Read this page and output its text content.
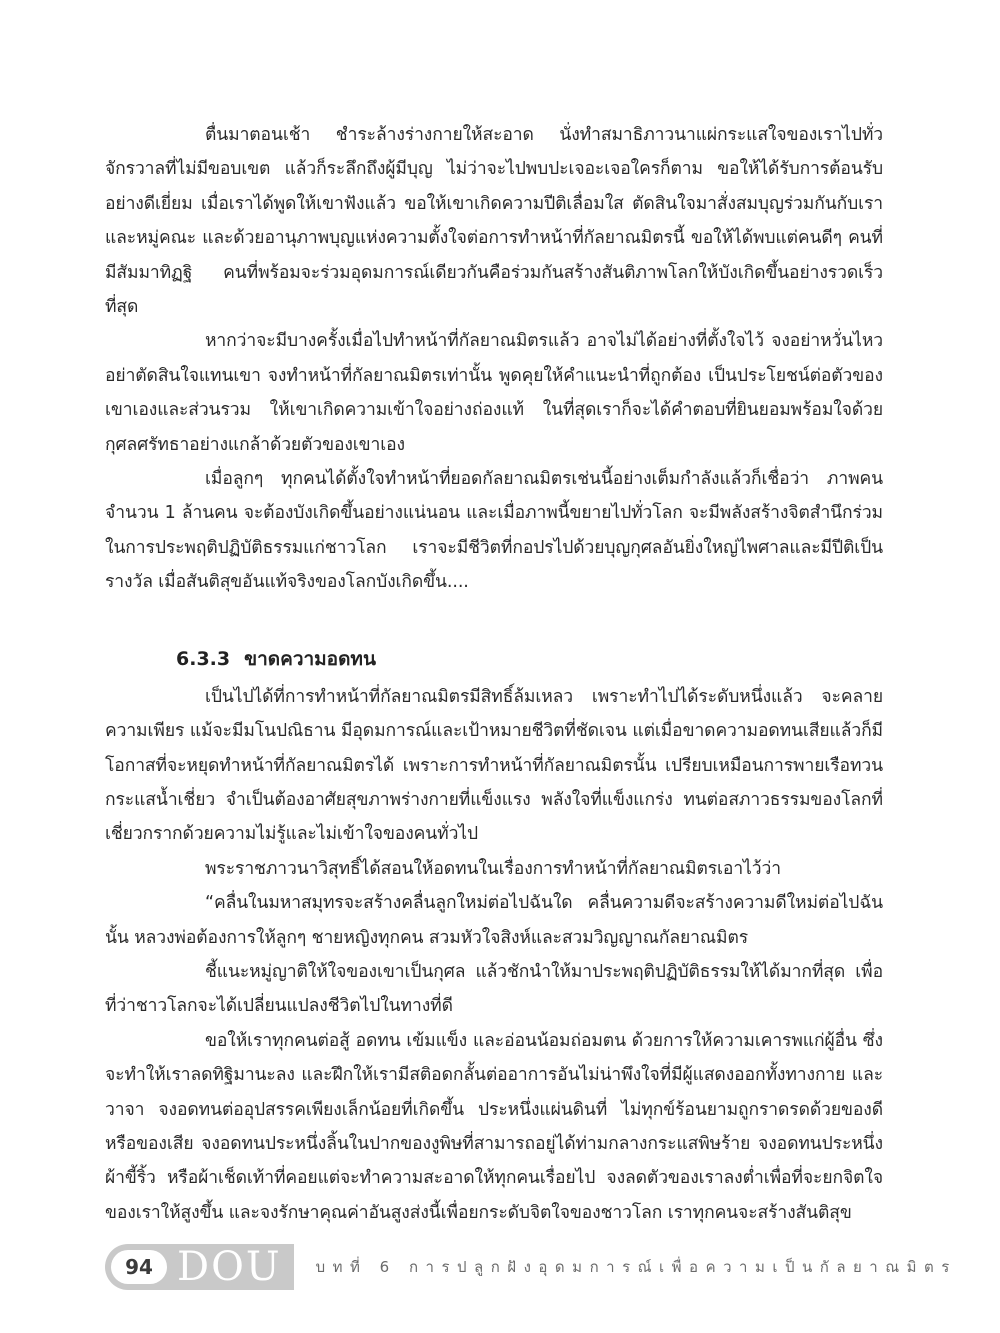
ตื่นมาตอนเช้า ชำระล้างร่างกายให้สะอาด นั่งทำสมาธิภาวนาแผ่กระแสใจของเราไปทั่วจักรวาลที่ไม่มีขอบเขต แล้วก็ระลึกถึงผู้มีบุญ ไม่ว่าจะไปพบปะเจอะเจอใครก็ตาม ขอให้ได้รับการต้อนรับอย่างดีเยี่ยม เมื่อเราได้พูดให้เขาฟังแล้ว ขอให้เขาเกิดความปีติเลื่อมใส ตัดสินใจมาสั่งสมบุญร่วมกันกับเราและหมู่คณะ และด้วยอานุภาพบุญแห่งความตั้งใจต่อการทำหน้าที่กัลยาณมิตรนี้ ขอให้ได้พบแต่คนดีๆ คนที่มีสัมมาทิฏฐิ คนที่พร้อมจะร่วมอุดมการณ์เดียวกันคือร่วมกันสร้างสันติภาพโลกให้บังเกิดขึ้นอย่างรวดเร็วที่สุด

หากว่าจะมีบางครั้งเมื่อไปทำหน้าที่กัลยาณมิตรแล้ว อาจไม่ได้อย่างที่ตั้งใจไว้ จงอย่าหวั่นไหว อย่าตัดสินใจแทนเขา จงทำหน้าที่กัลยาณมิตรเท่านั้น พูดคุยให้คำแนะนำที่ถูกต้อง เป็นประโยชน์ต่อตัวของเขาเองและส่วนรวม ให้เขาเกิดความเข้าใจอย่างถ่องแท้ ในที่สุดเราก็จะได้คำตอบที่ยินยอมพร้อมใจด้วยกุศลศรัทธาอย่างแกล้าด้วยตัวของเขาเอง

เมื่อลูกๆ ทุกคนได้ตั้งใจทำหน้าที่ยอดกัลยาณมิตรเช่นนี้อย่างเต็มกำลังแล้วก็เชื่อว่า ภาพคนจำนวน 1 ล้านคน จะต้องบังเกิดขึ้นอย่างแน่นอน และเมื่อภาพนี้ขยายไปทั่วโลก จะมีพลังสร้างจิตสำนึกร่วมในการประพฤติปฏิบัติธรรมแก่ชาวโลก เราจะมีชีวิตที่กอปรไปด้วยบุญกุศลอันยิ่งใหญ่ไพศาลและมีปีติเป็นรางวัล เมื่อสันติสุขอันแท้จริงของโลกบังเกิดขึ้น....

6.3.3 ขาดความอดทน

เป็นไปได้ที่การทำหน้าที่กัลยาณมิตรมีสิทธิ์ล้มเหลว เพราะทำไปได้ระดับหนึ่งแล้ว จะคลายความเพียร แม้จะมีมโนปณิธาน มีอุดมการณ์และเป้าหมายชีวิตที่ชัดเจน แต่เมื่อขาดความอดทนเสียแล้วก็มีโอกาสที่จะหยุดทำหน้าที่กัลยาณมิตรได้ เพราะการทำหน้าที่กัลยาณมิตรนั้น เปรียบเหมือนการพายเรือทวนกระแสน้ำเชี่ยว จำเป็นต้องอาศัยสุขภาพร่างกายที่แข็งแรง พลังใจที่แข็งแกร่ง ทนต่อสภาวธรรมของโลกที่เชี่ยวกรากด้วยความไม่รู้และไม่เข้าใจของคนทั่วไป

พระราชภาวนาวิสุทธิ์ได้สอนให้อดทนในเรื่องการทำหน้าที่กัลยาณมิตรเอาไว้ว่า

“คลื่นในมหาสมุทรจะสร้างคลื่นลูกใหม่ต่อไปฉันใด คลื่นความดีจะสร้างความดีใหม่ต่อไปฉันนั้น หลวงพ่อต้องการให้ลูกๆ ชายหญิงทุกคน สวมหัวใจสิงห์และสวมวิญญาณกัลยาณมิตร

ชี้แนะหมู่ญาติให้ใจของเขาเป็นกุศล แล้วชักนำให้มาประพฤติปฏิบัติธรรมให้ได้มากที่สุด เพื่อที่ว่าชาวโลกจะได้เปลี่ยนแปลงชีวิตไปในทางที่ดี

ขอให้เราทุกคนต่อสู้ อดทน เข้มแข็ง และอ่อนน้อมถ่อมตน ด้วยการให้ความเคารพแก่ผู้อื่น ซึ่งจะทำให้เราลดทิฐิมานะลง และฝึกให้เรามีสติอดกลั้นต่ออาการอันไม่น่าพึงใจที่มีผู้แสดงออกทั้งทางกาย และวาจา จงอดทนต่ออุปสรรคเพียงเล็กน้อยที่เกิดขึ้น ประหนึ่งแผ่นดินที่ ไม่ทุกข์ร้อนยามถูกราดรดด้วยของดีหรือของเสีย จงอดทนประหนึ่งลิ้นในปากของงูพิษที่สามารถอยู่ได้ท่ามกลางกระแสพิษร้าย จงอดทนประหนึ่งผ้าขี้ริ้ว หรือผ้าเช็ดเท้าที่คอยแต่จะทำความสะอาดให้ทุกคนเรื่อยไป จงลดตัวของเราลงต่ำเพื่อที่จะยกจิตใจของเราให้สูงขึ้น และจงรักษาคุณค่าอันสูงส่งนี้เพื่อยกระดับจิตใจของชาวโลก เราทุกคนจะสร้างสันติสุข

94 DOU บทที่ 6 การปลูกฝังอุดมการณ์เพื่อความเป็นกัลยาณมิตร
